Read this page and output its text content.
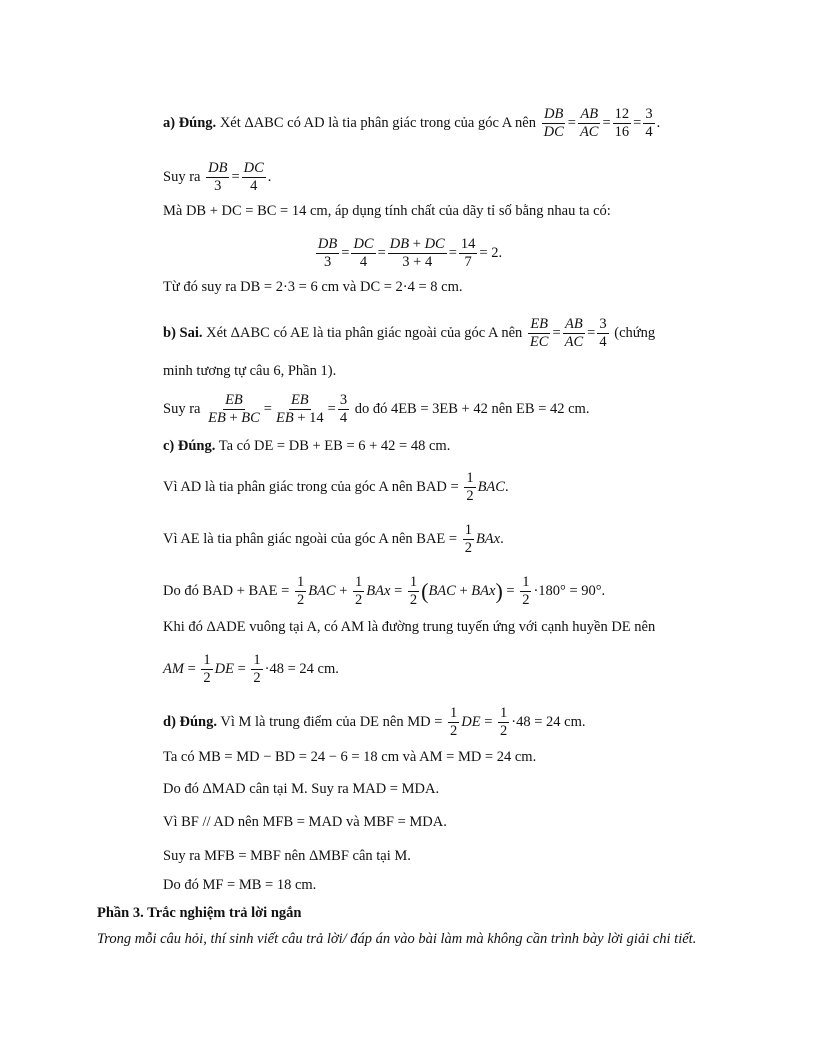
a) Đúng. Xét ΔABC có AD là tia phân giác trong của góc A nên $\frac{DB}{DC} = \frac{AB}{AC} = \frac{12}{16} = \frac{3}{4}$ .
Suy ra $\frac{DB}{3} = \frac{DC}{4}$ .
Mà DB + DC = BC = 14 cm, áp dụng tính chất của dãy tỉ số bằng nhau ta có:
$\frac{DB}{3} = \frac{DC}{4} = \frac{DB + DC}{3 + 4} = \frac{14}{7} = 2$.
Từ đó suy ra DB = 2·3 = 6 cm và DC = 2·4 = 8 cm.
b) Sai. Xét ΔABC có AE là tia phân giác ngoài của góc A nên $\frac{EB}{EC} = \frac{AB}{AC} = \frac{3}{4}$ (chứng
minh tương tự câu 6, Phần 1).
Suy ra $\frac{EB}{EB + BC} = \frac{EB}{EB + 14} = \frac{3}{4}$ do đó 4EB = 3EB + 42 nên EB = 42 cm.
c) Đúng. Ta có DE = DB + EB = 6 + 42 = 48 cm.
Vì AD là tia phân giác trong của góc A nên BAD = $\frac{1}{2}$ BAC.
Vì AE là tia phân giác ngoài của góc A nên BAE = $\frac{1}{2}$ BAx.
Do đó BAD + BAE = $\frac{1}{2}$ BAC + $\frac{1}{2}$ BAx = $\frac{1}{2} (BAC + BAx) = \frac{1}{2} \cdot 180^\circ = 90^\circ$.
Khi đó ΔADE vuông tại A, có AM là đường trung tuyến ứng với cạnh huyền DE nên
AM = $\frac{1}{2}$ DE = $\frac{1}{2} \cdot 48 = 24$ cm.
d) Đúng. Vì M là trung điểm của DE nên MD = $\frac{1}{2}$ DE = $\frac{1}{2} \cdot 48 = 24$ cm.
Ta có MB = MD − BD = 24 − 6 = 18 cm và AM = MD = 24 cm.
Do đó ΔMAD cân tại M. Suy ra MAD = MDA.
Vì BF // AD nên MFB = MAD và MBF = MDA.
Suy ra MFB = MBF nên ΔMBF cân tại M.
Do đó MF = MB = 18 cm.
Phần 3. Trắc nghiệm trả lời ngắn
Trong mỗi câu hỏi, thí sinh viết câu trả lời/ đáp án vào bài làm mà không cần trình bày lời giải chi tiết.
